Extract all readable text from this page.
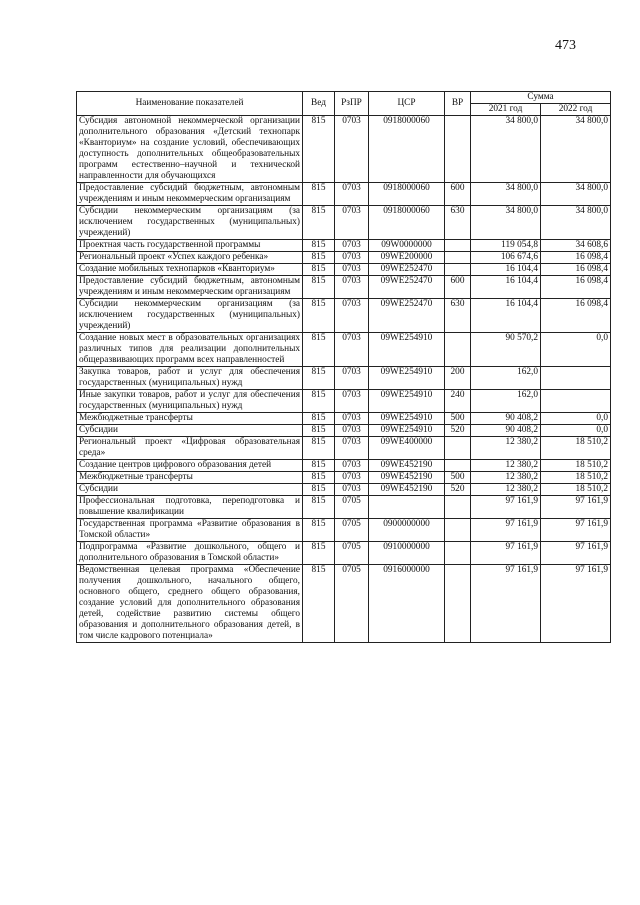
473
Наименование показателей	Вед	РзПР	ЦСР	ВР	Сумма	
					2021 год	2022 год
Субсидия автономной некоммерческой организации дополнительного образования «Детский технопарк «Кванториум» на создание условий, обеспечивающих доступность дополнительных общеобразовательных программ естественно–научной и технической направленности для обучающихся	815	0703	0918000060		34 800,0	34 800,0
Предоставление субсидий бюджетным, автономным учреждениям и иным некоммерческим организациям	815	0703	0918000060	600	34 800,0	34 800,0
Субсидии некоммерческим организациям (за исключением государственных (муниципальных) учреждений)	815	0703	0918000060	630	34 800,0	34 800,0
Проектная часть государственной программы	815	0703	09W0000000		119 054,8	34 608,6
Региональный проект «Успех каждого ребенка»	815	0703	09WE200000		106 674,6	16 098,4
Создание мобильных технопарков «Кванториум»	815	0703	09WE252470		16 104,4	16 098,4
Предоставление субсидий бюджетным, автономным учреждениям и иным некоммерческим организациям	815	0703	09WE252470	600	16 104,4	16 098,4
Субсидии некоммерческим организациям (за исключением государственных (муниципальных) учреждений)	815	0703	09WE252470	630	16 104,4	16 098,4
Создание новых мест в образовательных организациях различных типов для реализации дополнительных общеразвивающих программ всех направленностей	815	0703	09WE254910		90 570,2	0,0
Закупка товаров, работ и услуг для обеспечения государственных (муниципальных) нужд	815	0703	09WE254910	200	162,0	
Иные закупки товаров, работ и услуг для обеспечения государственных (муниципальных) нужд	815	0703	09WE254910	240	162,0	
Межбюджетные трансферты	815	0703	09WE254910	500	90 408,2	0,0
Субсидии	815	0703	09WE254910	520	90 408,2	0,0
Региональный проект «Цифровая образовательная среда»	815	0703	09WE400000		12 380,2	18 510,2
Создание центров цифрового образования детей	815	0703	09WE452190		12 380,2	18 510,2
Межбюджетные трансферты	815	0703	09WE452190	500	12 380,2	18 510,2
Субсидии	815	0703	09WE452190	520	12 380,2	18 510,2
Профессиональная подготовка, переподготовка и повышение квалификации	815	0705			97 161,9	97 161,9
Государственная программа «Развитие образования в Томской области»	815	0705	0900000000		97 161,9	97 161,9
Подпрограмма «Развитие дошкольного, общего и дополнительного образования в Томской области»	815	0705	0910000000		97 161,9	97 161,9
Ведомственная целевая программа «Обеспечение получения дошкольного, начального общего, основного общего, среднего общего образования, создание условий для дополнительного образования детей, содействие развитию системы общего образования и дополнительного образования детей, в том числе кадрового потенциала»	815	0705	0916000000		97 161,9	97 161,9
